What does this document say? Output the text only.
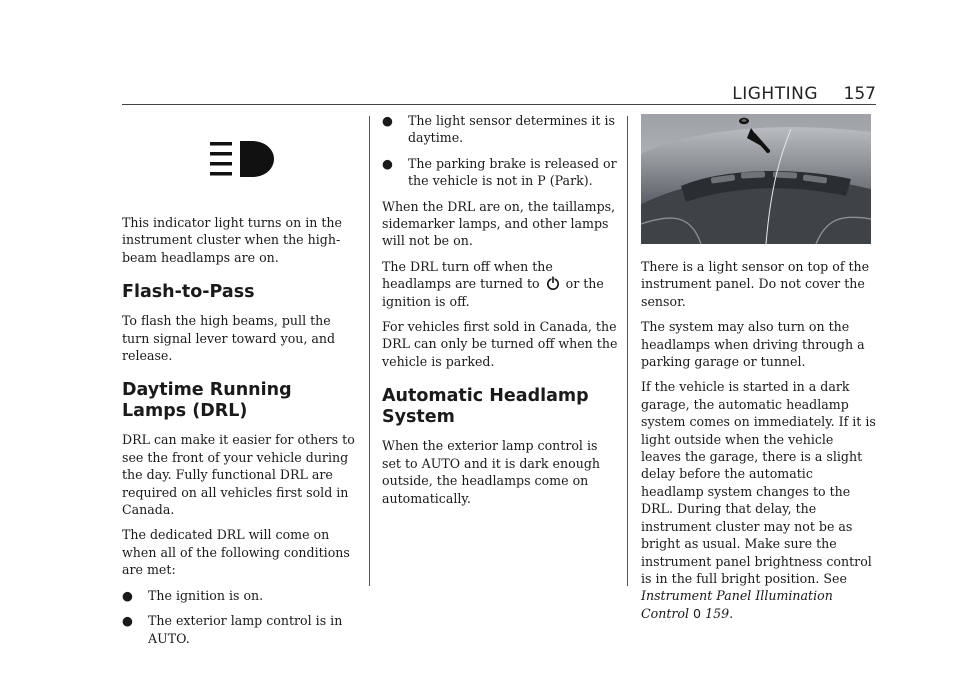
LIGHTING 157

This indicator light turns on in the instrument cluster when the high-beam headlamps are on.

Flash-to-Pass

To flash the high beams, pull the turn signal lever toward you, and release.

Daytime Running
Lamps (DRL)

DRL can make it easier for others to see the front of your vehicle during the day. Fully functional DRL are required on all vehicles first sold in Canada.

The dedicated DRL will come on when all of the following conditions are met:

● The ignition is on.
● The exterior lamp control is in AUTO.
● The light sensor determines it is daytime.
● The parking brake is released or the vehicle is not in P (Park).

When the DRL are on, the taillamps, sidemarker lamps, and other lamps will not be on.

The DRL turn off when the headlamps are turned to or the ignition is off.

For vehicles first sold in Canada, the DRL can only be turned off when the vehicle is parked.

Automatic Headlamp
System

When the exterior lamp control is set to AUTO and it is dark enough outside, the headlamps come on automatically.

There is a light sensor on top of the instrument panel. Do not cover the sensor.

The system may also turn on the headlamps when driving through a parking garage or tunnel.

If the vehicle is started in a dark garage, the automatic headlamp system comes on immediately. If it is light outside when the vehicle leaves the garage, there is a slight delay before the automatic headlamp system changes to the DRL. During that delay, the instrument cluster may not be as bright as usual. Make sure the instrument panel brightness control is in the full bright position. See Instrument Panel Illumination Control 0 159.
